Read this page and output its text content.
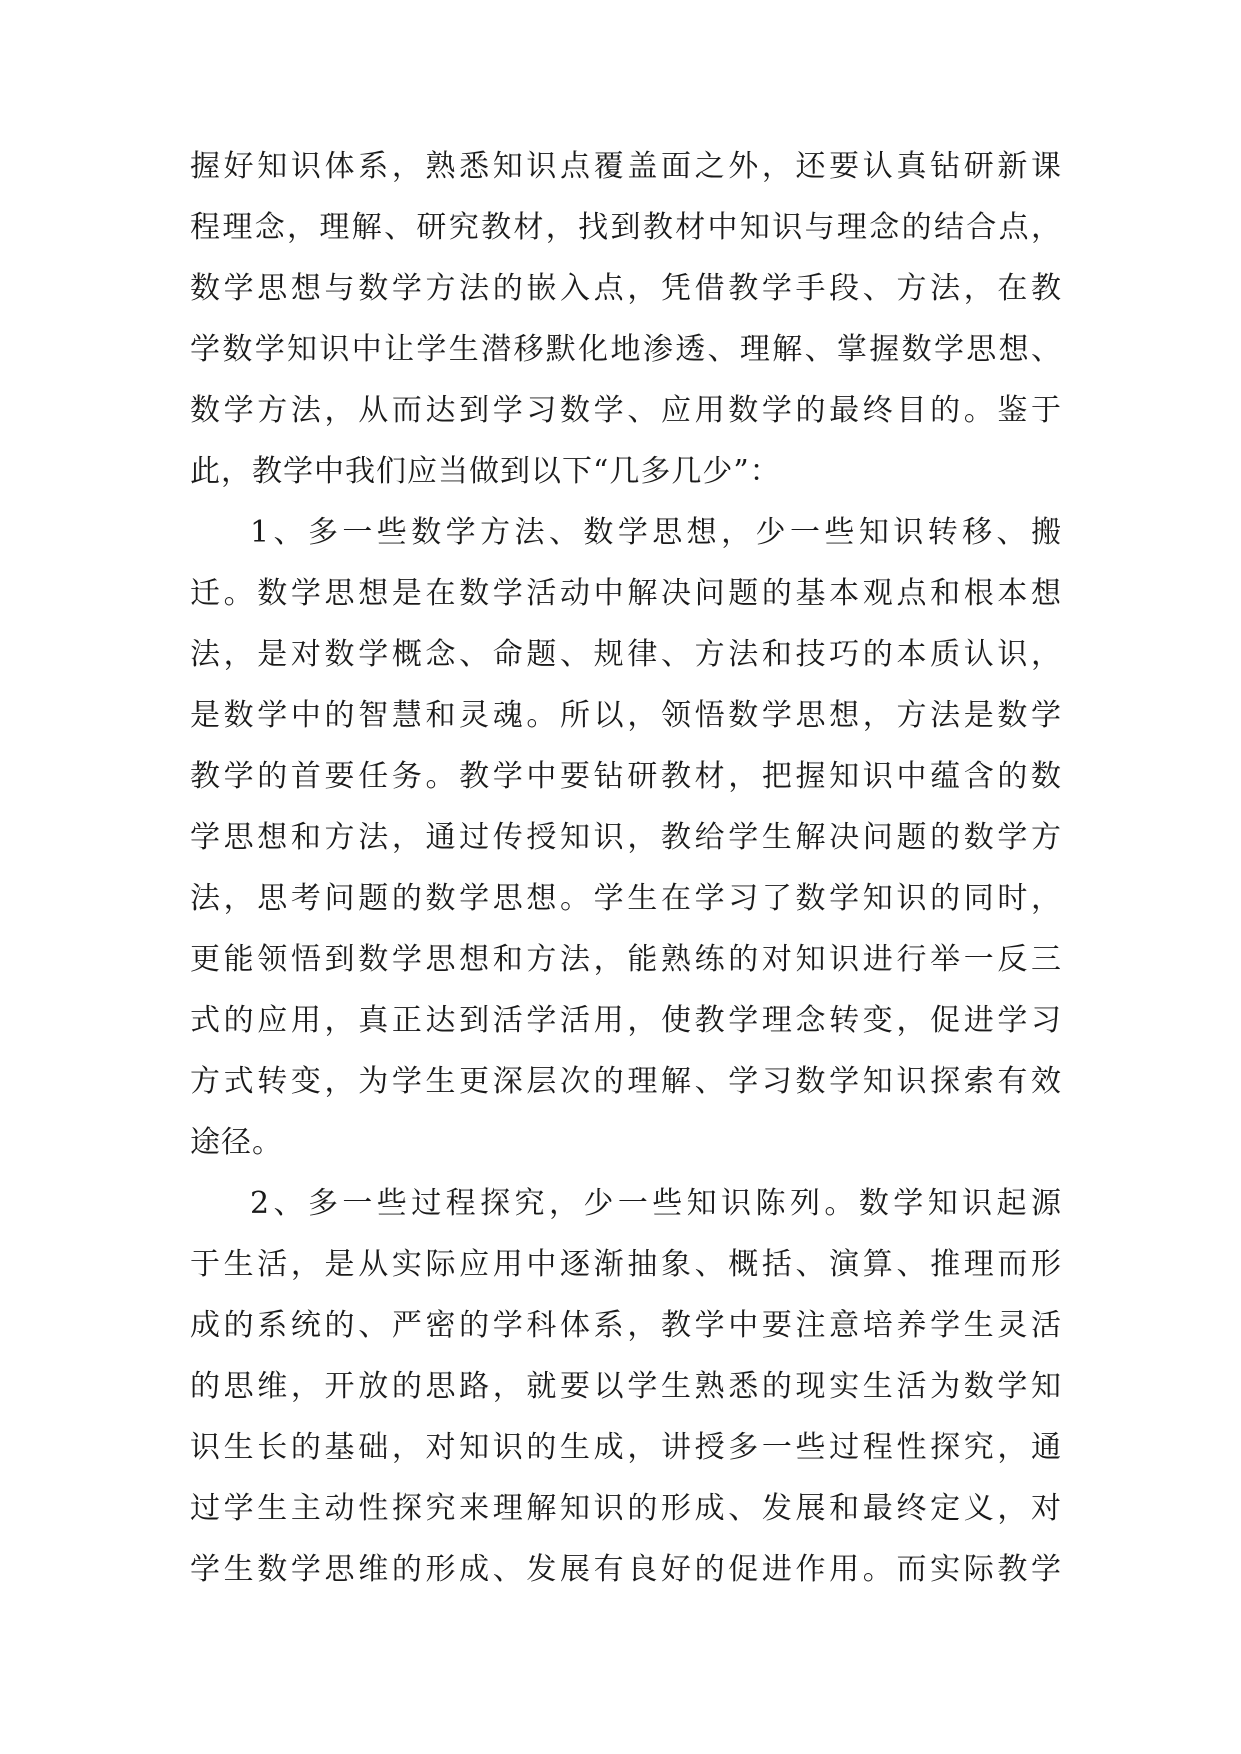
握好知识体系，熟悉知识点覆盖面之外，还要认真钻研新课
程理念，理解、研究教材，找到教材中知识与理念的结合点，
数学思想与数学方法的嵌入点，凭借教学手段、方法，在教
学数学知识中让学生潜移默化地渗透、理解、掌握数学思想、
数学方法，从而达到学习数学、应用数学的最终目的。鉴于
此，教学中我们应当做到以下“几多几少”：
1、多一些数学方法、数学思想，少一些知识转移、搬
迁。数学思想是在数学活动中解决问题的基本观点和根本想
法，是对数学概念、命题、规律、方法和技巧的本质认识，
是数学中的智慧和灵魂。所以，领悟数学思想，方法是数学
教学的首要任务。教学中要钻研教材，把握知识中蕴含的数
学思想和方法，通过传授知识，教给学生解决问题的数学方
法，思考问题的数学思想。学生在学习了数学知识的同时，
更能领悟到数学思想和方法，能熟练的对知识进行举一反三
式的应用，真正达到活学活用，使教学理念转变，促进学习
方式转变，为学生更深层次的理解、学习数学知识探索有效
途径。
2、多一些过程探究，少一些知识陈列。数学知识起源
于生活，是从实际应用中逐渐抽象、概括、演算、推理而形
成的系统的、严密的学科体系，教学中要注意培养学生灵活
的思维，开放的思路，就要以学生熟悉的现实生活为数学知
识生长的基础，对知识的生成，讲授多一些过程性探究，通
过学生主动性探究来理解知识的形成、发展和最终定义，对
学生数学思维的形成、发展有良好的促进作用。而实际教学
